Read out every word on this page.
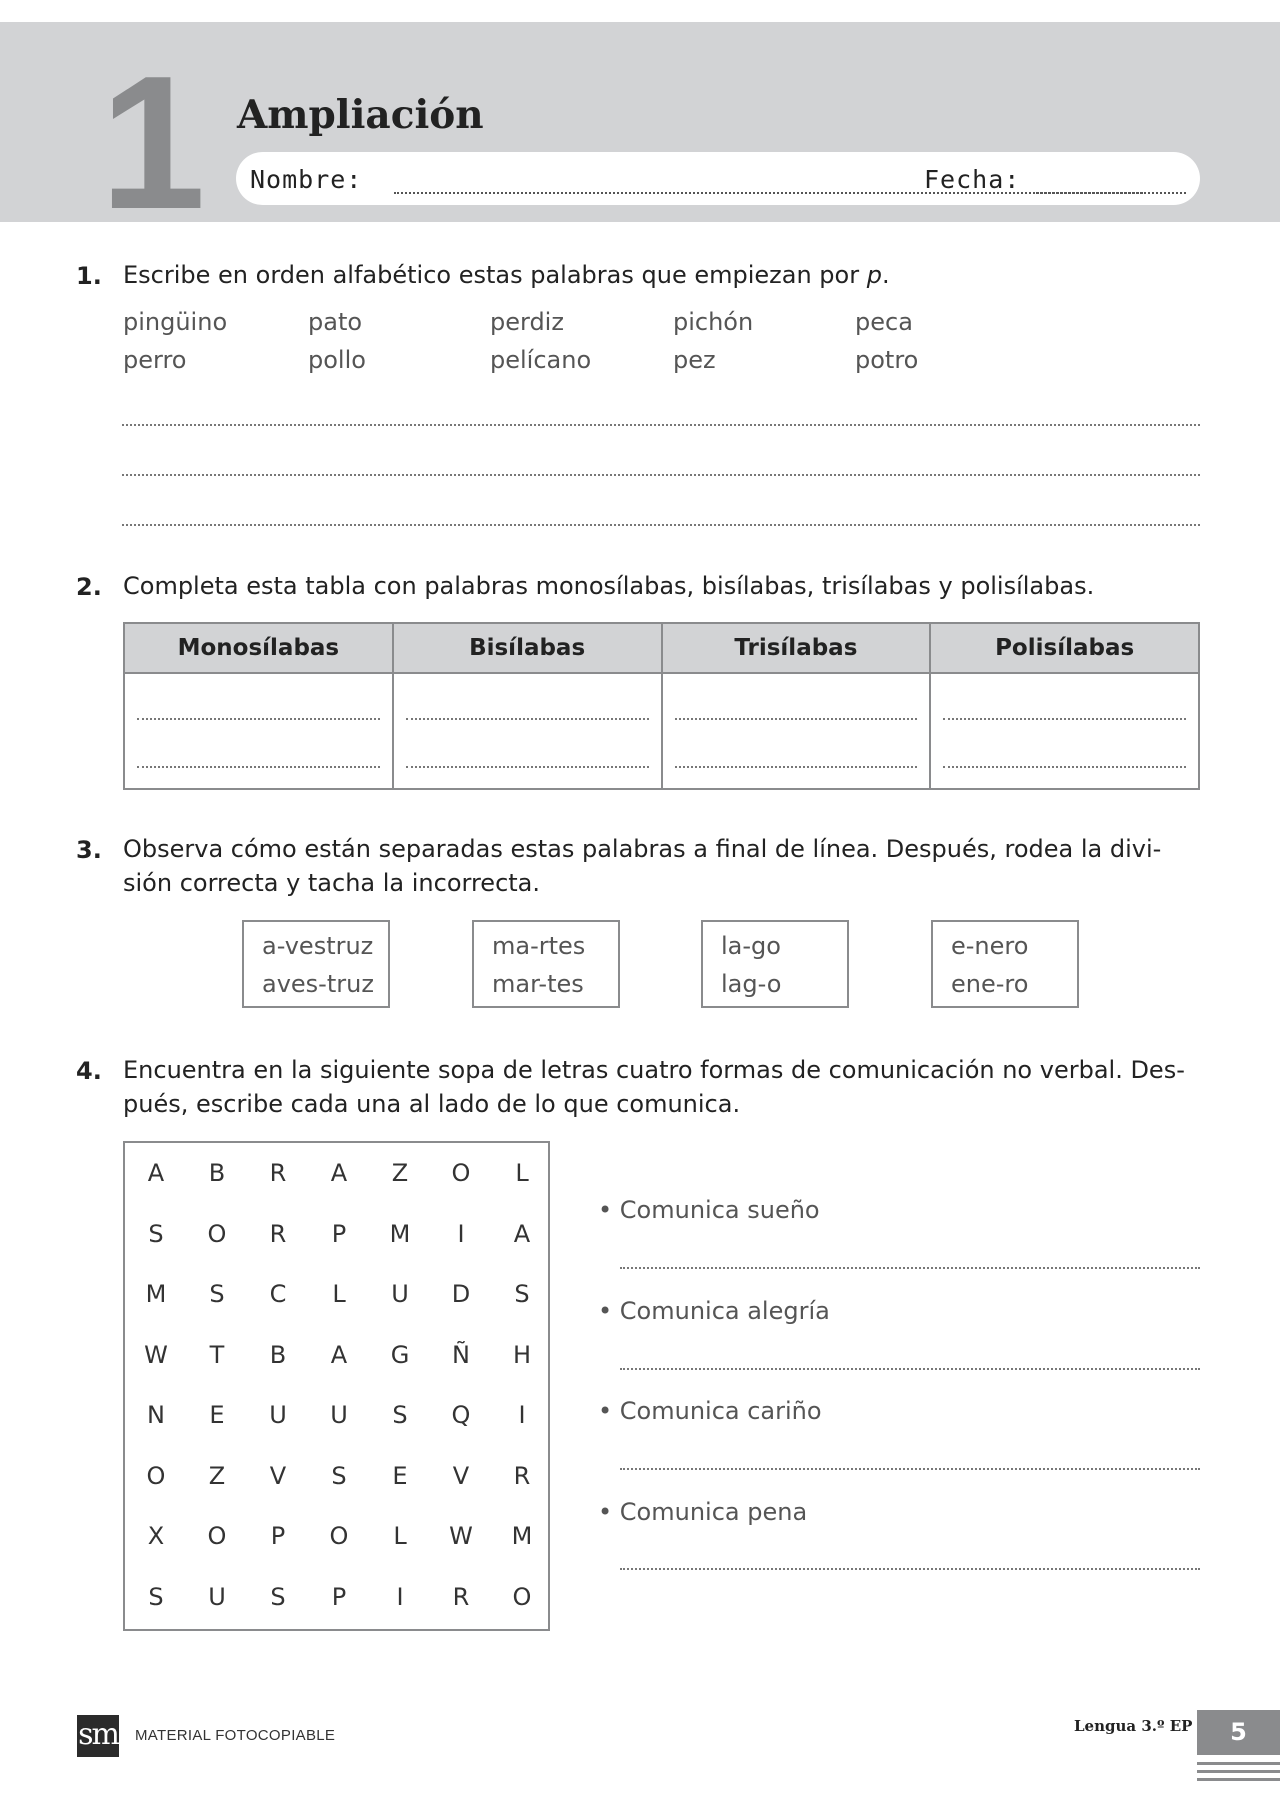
1 Ampliación
Nombre:	Fecha:
1. Escribe en orden alfabético estas palabras que empiezan por p.
pingüino	pato	perdiz	pichón	peca
perro	pollo	pelícano	pez	potro
2. Completa esta tabla con palabras monosílabas, bisílabas, trisílabas y polisílabas.
Monosílabas	Bisílabas	Trisílabas	Polisílabas

3. Observa cómo están separadas estas palabras a final de línea. Después, rodea la divi-
sión correcta y tacha la incorrecta.
a-vestruz
aves-truz
ma-rtes
mar-tes
la-go
lag-o
e-nero
ene-ro
4. Encuentra en la siguiente sopa de letras cuatro formas de comunicación no verbal. Des-
pués, escribe cada una al lado de lo que comunica.
A	B	R	A	Z	O	L
S	O	R	P	M	I	A
M	S	C	L	U	D	S
W	T	B	A	G	Ñ	H
N	E	U	U	S	Q	I
O	Z	V	S	E	V	R
X	O	P	O	L	W	M
S	U	S	P	I	R	O
• Comunica sueño
• Comunica alegría
• Comunica cariño
• Comunica pena
sm MATERIAL FOTOCOPIABLE
Lengua 3.º EP	5
